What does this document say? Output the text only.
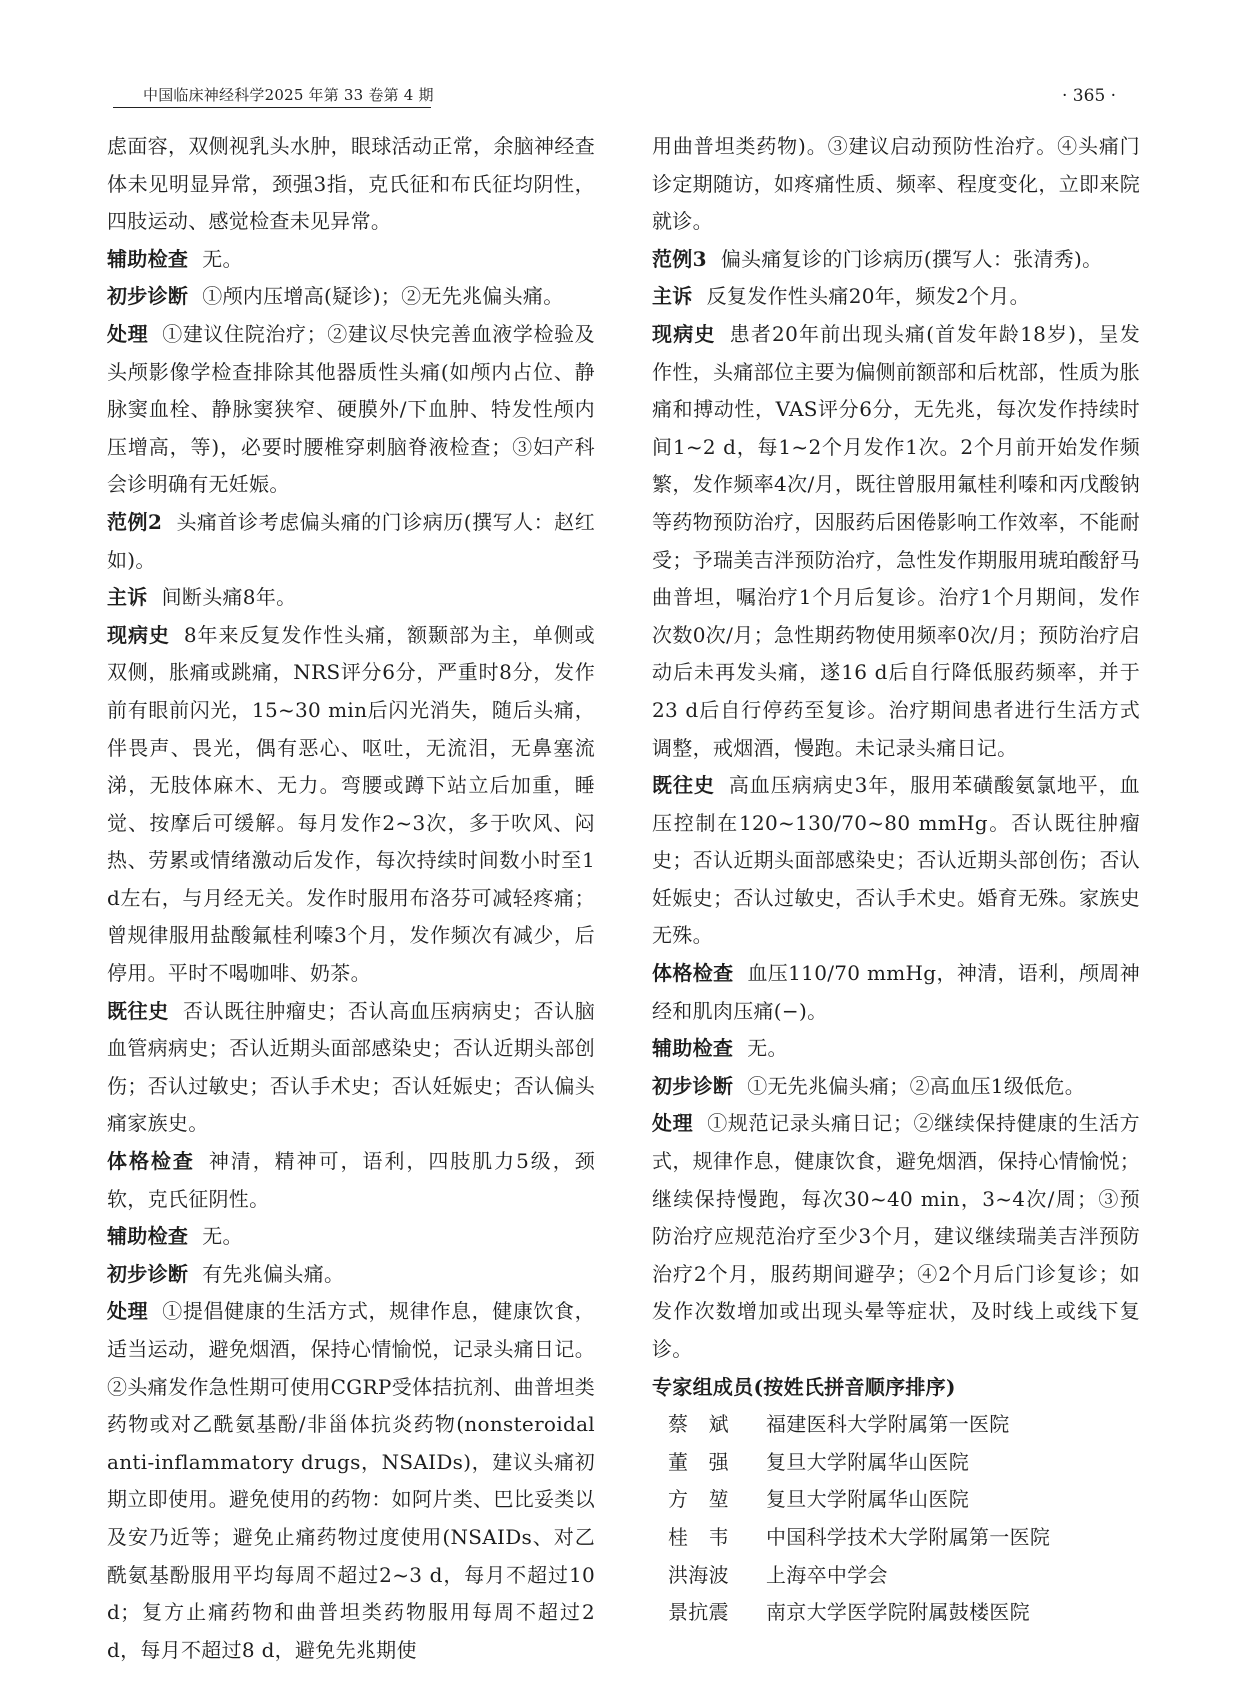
中国临床神经科学2025 年第 33 卷第 4 期	· 365 ·

虑面容，双侧视乳头水肿，眼球活动正常，余脑神经查体未见明显异常，颈强3指，克氏征和布氏征均阴性，四肢运动、感觉检查未见异常。

辅助检查 无。

初步诊断 ①颅内压增高(疑诊)；②无先兆偏头痛。

处理 ①建议住院治疗；②建议尽快完善血液学检验及头颅影像学检查排除其他器质性头痛(如颅内占位、静脉窦血栓、静脉窦狭窄、硬膜外/下血肿、特发性颅内压增高，等)，必要时腰椎穿刺脑脊液检查；③妇产科会诊明确有无妊娠。

范例2 头痛首诊考虑偏头痛的门诊病历(撰写人：赵红如)。

主诉 间断头痛8年。

现病史 8年来反复发作性头痛，额颞部为主，单侧或双侧，胀痛或跳痛，NRS评分6分，严重时8分，发作前有眼前闪光，15~30 min后闪光消失，随后头痛，伴畏声、畏光，偶有恶心、呕吐，无流泪，无鼻塞流涕，无肢体麻木、无力。弯腰或蹲下站立后加重，睡觉、按摩后可缓解。每月发作2~3次，多于吹风、闷热、劳累或情绪激动后发作，每次持续时间数小时至1 d左右，与月经无关。发作时服用布洛芬可减轻疼痛；曾规律服用盐酸氟桂利嗪3个月，发作频次有减少，后停用。平时不喝咖啡、奶茶。

既往史 否认既往肿瘤史；否认高血压病病史；否认脑血管病病史；否认近期头面部感染史；否认近期头部创伤；否认过敏史；否认手术史；否认妊娠史；否认偏头痛家族史。

体格检查 神清，精神可，语利，四肢肌力5级，颈软，克氏征阴性。

辅助检查 无。

初步诊断 有先兆偏头痛。

处理 ①提倡健康的生活方式，规律作息，健康饮食，适当运动，避免烟酒，保持心情愉悦，记录头痛日记。②头痛发作急性期可使用CGRP受体拮抗剂、曲普坦类药物或对乙酰氨基酚/非甾体抗炎药物(nonsteroidal anti-inflammatory drugs，NSAIDs)，建议头痛初期立即使用。避免使用的药物：如阿片类、巴比妥类以及安乃近等；避免止痛药物过度使用(NSAIDs、对乙酰氨基酚服用平均每周不超过2~3 d，每月不超过10 d；复方止痛药物和曲普坦类药物服用每周不超过2 d，每月不超过8 d，避免先兆期使

用曲普坦类药物)。③建议启动预防性治疗。④头痛门诊定期随访，如疼痛性质、频率、程度变化，立即来院就诊。

范例3 偏头痛复诊的门诊病历(撰写人：张清秀)。

主诉 反复发作性头痛20年，频发2个月。

现病史 患者20年前出现头痛(首发年龄18岁)，呈发作性，头痛部位主要为偏侧前额部和后枕部，性质为胀痛和搏动性，VAS评分6分，无先兆，每次发作持续时间1~2 d，每1~2个月发作1次。2个月前开始发作频繁，发作频率4次/月，既往曾服用氟桂利嗪和丙戊酸钠等药物预防治疗，因服药后困倦影响工作效率，不能耐受；予瑞美吉泮预防治疗，急性发作期服用琥珀酸舒马曲普坦，嘱治疗1个月后复诊。治疗1个月期间，发作次数0次/月；急性期药物使用频率0次/月；预防治疗启动后未再发头痛，遂16 d后自行降低服药频率，并于23 d后自行停药至复诊。治疗期间患者进行生活方式调整，戒烟酒，慢跑。未记录头痛日记。

既往史 高血压病病史3年，服用苯磺酸氨氯地平，血压控制在120~130/70~80 mmHg。否认既往肿瘤史；否认近期头面部感染史；否认近期头部创伤；否认妊娠史；否认过敏史，否认手术史。婚育无殊。家族史无殊。

体格检查 血压110/70 mmHg，神清，语利，颅周神经和肌肉压痛(−)。

辅助检查 无。

初步诊断 ①无先兆偏头痛；②高血压1级低危。

处理 ①规范记录头痛日记；②继续保持健康的生活方式，规律作息，健康饮食，避免烟酒，保持心情愉悦；继续保持慢跑，每次30~40 min，3~4次/周；③预防治疗应规范治疗至少3个月，建议继续瑞美吉泮预防治疗2个月，服药期间避孕；④2个月后门诊复诊；如发作次数增加或出现头晕等症状，及时线上或线下复诊。

专家组成员(按姓氏拼音顺序排序)

蔡　斌	福建医科大学附属第一医院
董　强	复旦大学附属华山医院
方　堃	复旦大学附属华山医院
桂　韦	中国科学技术大学附属第一医院
洪海波	上海卒中学会
景抗震	南京大学医学院附属鼓楼医院
